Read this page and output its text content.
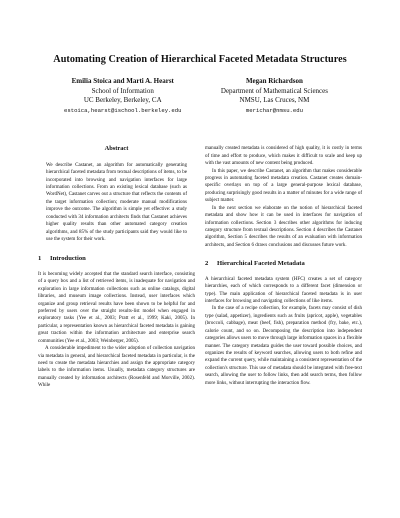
Automating Creation of Hierarchical Faceted Metadata Structures
Emilia Stoica and Marti A. Hearst
School of Information
UC Berkeley, Berkeley, CA
estoica,hearst@ischool.berkeley.edu
Megan Richardson
Department of Mathematical Sciences
NMSU, Las Cruces, NM
merichar@nmsu.edu
Abstract

We describe Castanet, an algorithm for automatically generating hierarchical faceted metadata from textual descriptions of items, to be incorporated into browsing and navigation interfaces for large information collections. From an existing lexical database (such as WordNet), Castanet carves out a structure that reflects the contents of the target information collection; moderate manual modifications improve the outcome. The algorithm is simple yet effective: a study conducted with 34 information architects finds that Castanet achieves higher quality results than other automated category creation algorithms, and 85% of the study participants said they would like to use the system for their work.

1	Introduction

It is becoming widely accepted that the standard search interface, consisting of a query box and a list of retrieved items, is inadequate for navigation and exploration in large information collections such as online catalogs, digital libraries, and museum image collections. Instead, user interfaces which organize and group retrieval results have been shown to be helpful for and preferred by users over the straight results-list model when engaged in exploratory tasks (Yee et al., 2003; Pratt et al., 1999; Kaki, 2005). In particular, a representation known as hierarchical faceted metadata is gaining great traction within the information architecture and enterprise search communities (Yee et al., 2003; Weinberger, 2005).

A considerable impediment to the wider adoption of collection navigation via metadata in general, and hierarchical faceted metadata in particular, is the need to create the metadata hierarchies and assign the appropriate category labels to the information items. Usually, metadata category structures are manually created by information architects (Rosenfeld and Morville, 2002). While

manually created metadata is considered of high quality, it is costly in terms of time and effort to produce, which makes it difficult to scale and keep up with the vast amounts of new content being produced.

In this paper, we describe Castanet, an algorithm that makes considerable progress in automating faceted metadata creation. Castanet creates domain-specific overlays on top of a large general-purpose lexical database, producing surprisingly good results in a matter of minutes for a wide range of subject matter.

In the next section we elaborate on the notion of hierarchical faceted metadata and show how it can be used in interfaces for navigation of information collections. Section 3 describes other algorithms for inducing category structure from textual descriptions. Section 4 describes the Castanet algorithm, Section 5 describes the results of an evaluation with information architects, and Section 6 draws conclusions and discusses future work.

2	Hierarchical Faceted Metadata

A hierarchical faceted metadata system (HFC) creates a set of category hierarchies, each of which corresponds to a different facet (dimension or type). The main application of hierarchical faceted metadata is in user interfaces for browsing and navigating collections of like items.

In the case of a recipe collection, for example, facets may consist of dish type (salad, appetizer), ingredients such as fruits (apricot, apple), vegetables (broccoli, cabbage), meat (beef, fish), preparation method (fry, bake, etc.), calorie count, and so on. Decomposing the description into independent categories allows users to move through large information spaces in a flexible manner. The category metadata guides the user toward possible choices, and organizes the results of keyword searches, allowing users to both refine and expand the current query, while maintaining a consistent representation of the collection's structure. This use of metadata should be integrated with free-text search, allowing the user to follow links, then add search terms, then follow more links, without interrupting the interaction flow.
